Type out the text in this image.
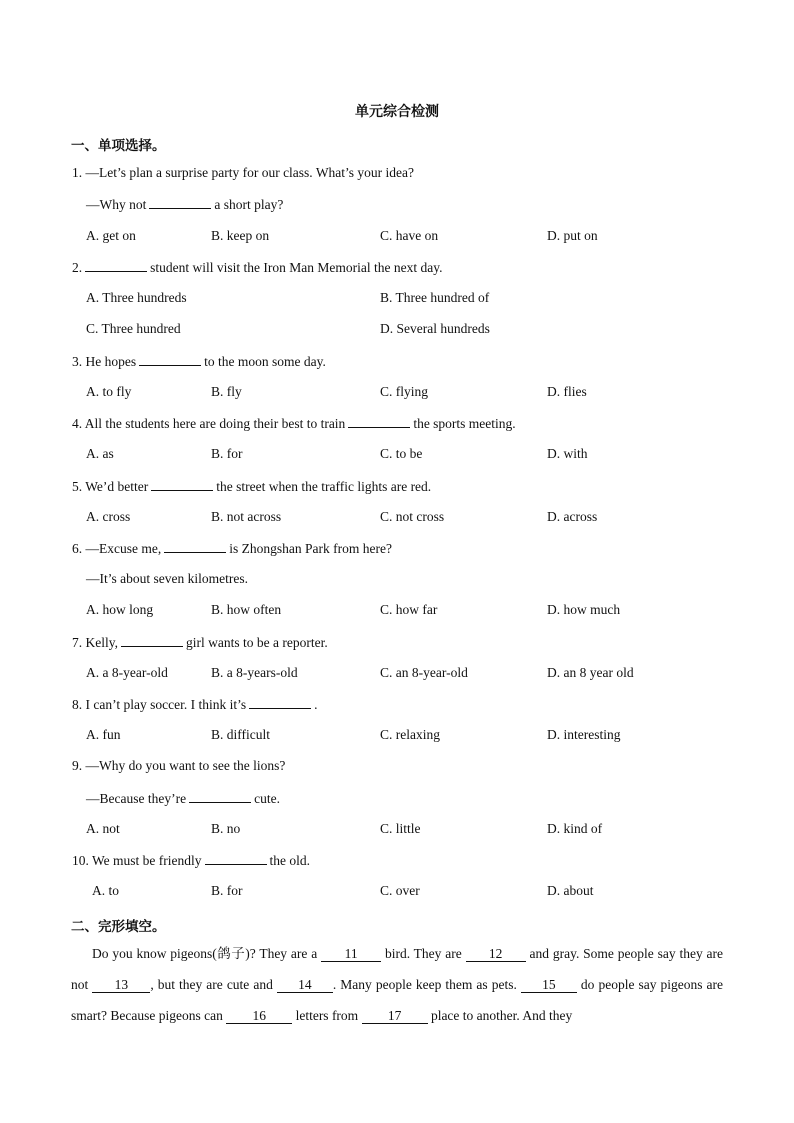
单元综合检测
一、单项选择。
1. —Let’s plan a surprise party for our class. What’s your idea?
—Why not	a short play?
A. get on	B. keep on	C. have on	D. put on
2.	student will visit the Iron Man Memorial the next day.
A. Three hundreds	B. Three hundred of
C. Three hundred	D. Several hundreds
3. He hopes	to the moon some day.
A. to fly	B. fly	C. flying	D. flies
4. All the students here are doing their best to train	the sports meeting.
A. as	B. for	C. to be	D. with
5. We’d better	the street when the traffic lights are red.
A. cross	B. not across	C. not cross	D. across
6. —Excuse me,	is Zhongshan Park from here?
—It’s about seven kilometres.
A. how long	B. how often	C. how far	D. how much
7. Kelly,	girl wants to be a reporter.
A. a 8-year-old	B. a 8-years-old	C. an 8-year-old	D. an 8 year old
8. I can’t play soccer. I think it’s	.
A. fun	B. difficult	C. relaxing	D. interesting
9. —Why do you want to see the lions?
—Because they’re	cute.
A. not	B. no	C. little	D. kind of
10. We must be friendly	the old.
A. to	B. for	C. over	D. about
二、完形填空。
Do you know pigeons(鸽子)? They are a 11 bird. They are 12 and gray. Some people say they are not 13 , but they are cute and 14 . Many people keep them as pets. 15 do people say pigeons are smart? Because pigeons can 16 letters from 17 place to another. And they
